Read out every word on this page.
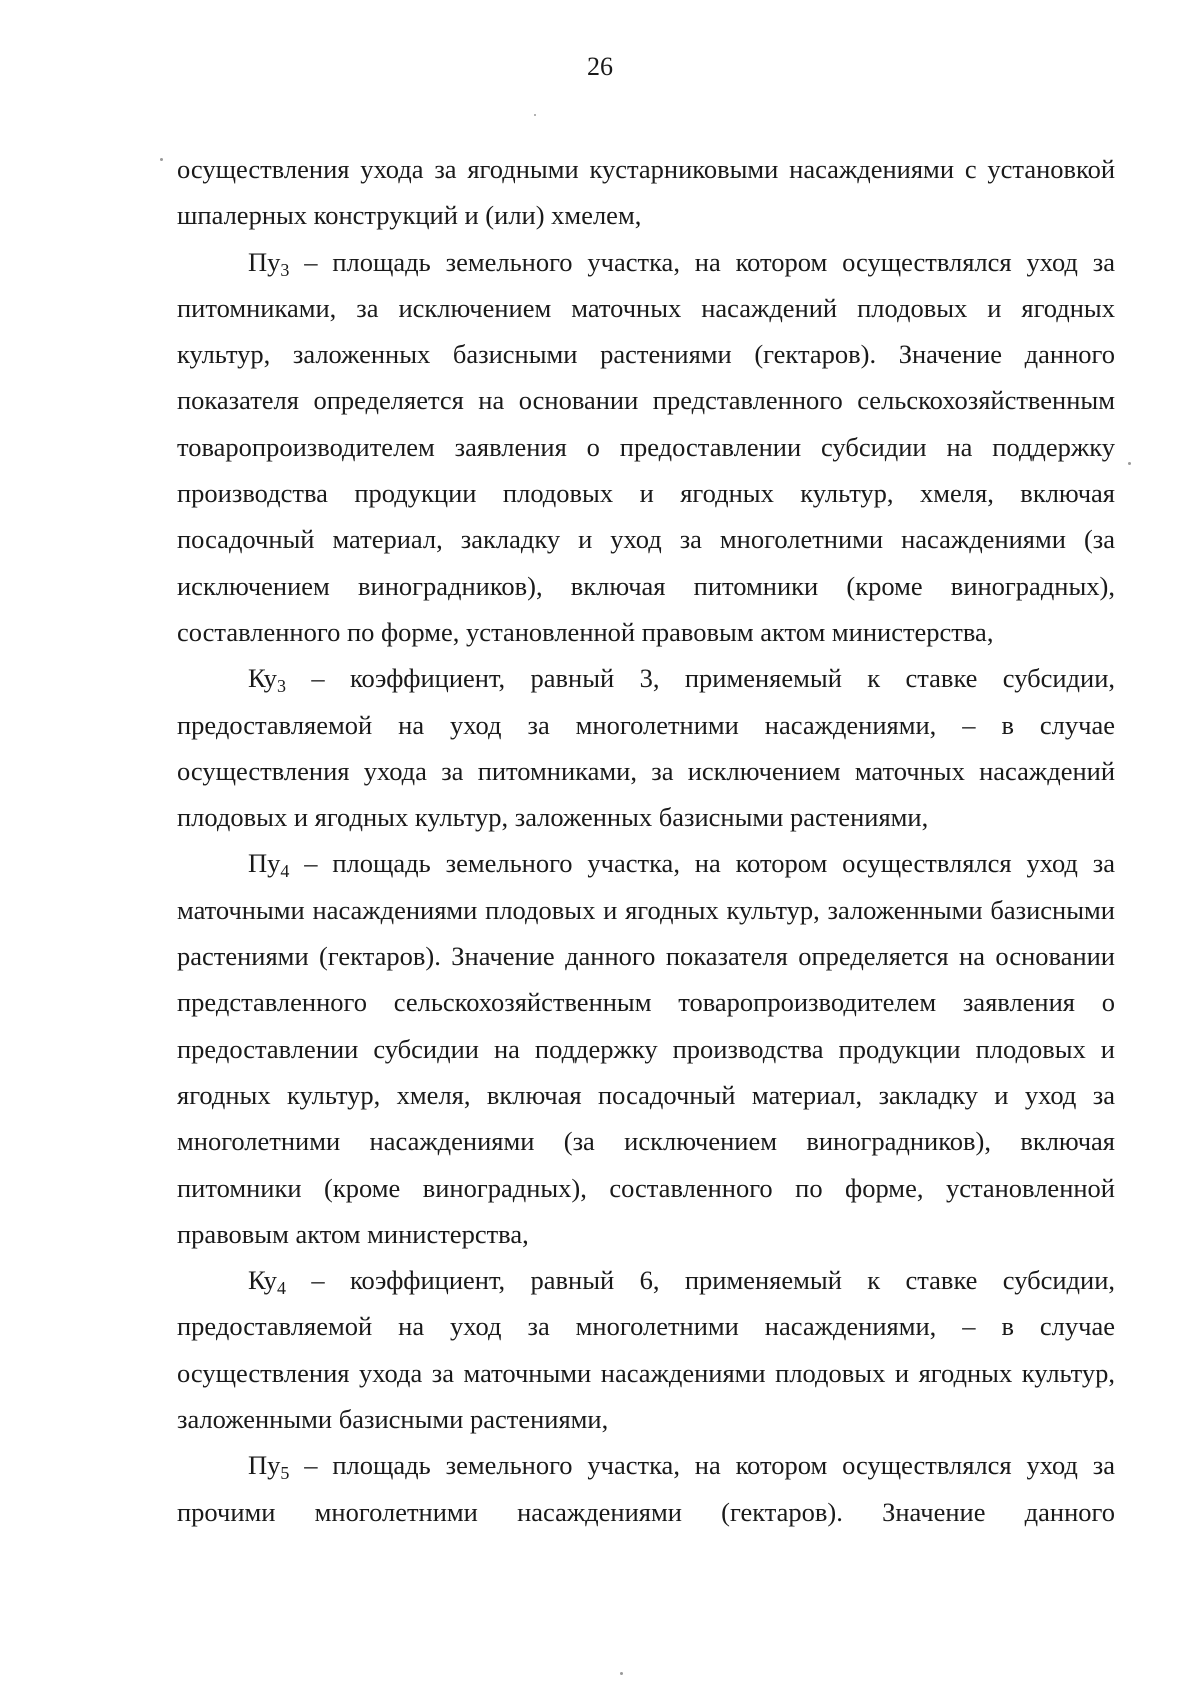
26

осуществления ухода за ягодными кустарниковыми насаждениями с установкой шпалерных конструкций и (или) хмелем,

Пу3 – площадь земельного участка, на котором осуществлялся уход за питомниками, за исключением маточных насаждений плодовых и ягодных культур, заложенных базисными растениями (гектаров). Значение данного показателя определяется на основании представленного сельскохозяйственным товаропроизводителем заявления о предоставлении субсидии на поддержку производства продукции плодовых и ягодных культур, хмеля, включая посадочный материал, закладку и уход за многолетними насаждениями (за исключением виноградников), включая питомники (кроме виноградных), составленного по форме, установленной правовым актом министерства,

Ку3 – коэффициент, равный 3, применяемый к ставке субсидии, предоставляемой на уход за многолетними насаждениями, – в случае осуществления ухода за питомниками, за исключением маточных насаждений плодовых и ягодных культур, заложенных базисными растениями,

Пу4 – площадь земельного участка, на котором осуществлялся уход за маточными насаждениями плодовых и ягодных культур, заложенными базисными растениями (гектаров). Значение данного показателя определяется на основании представленного сельскохозяйственным товаропроизводителем заявления о предоставлении субсидии на поддержку производства продукции плодовых и ягодных культур, хмеля, включая посадочный материал, закладку и уход за многолетними насаждениями (за исключением виноградников), включая питомники (кроме виноградных), составленного по форме, установленной правовым актом министерства,

Ку4 – коэффициент, равный 6, применяемый к ставке субсидии, предоставляемой на уход за многолетними насаждениями, – в случае осуществления ухода за маточными насаждениями плодовых и ягодных культур, заложенными базисными растениями,

Пу5 – площадь земельного участка, на котором осуществлялся уход за прочими многолетними насаждениями (гектаров). Значение данного
